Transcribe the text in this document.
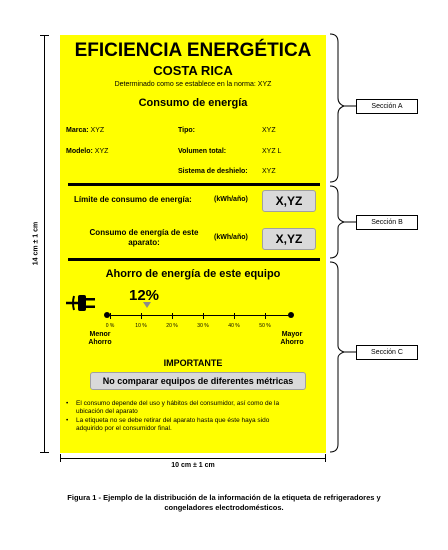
EFICIENCIA ENERGÉTICA
COSTA RICA
Determinado como se establece en la norma: XYZ
Consumo de energía
Marca: XYZ	Tipo:	XYZ
Modelo: XYZ	Volumen total:	XYZ L
Sistema de deshielo: XYZ
Límite de consumo de energía:	(kWh/año)	X,YZ
Consumo de energía de este
aparato:
(kWh/año)	X,YZ
Ahorro de energía de este equipo
12%
0 %	10 %	20 %	30 %	40 %	50 %
Menor
Ahorro
Mayor
Ahorro
IMPORTANTE
No comparar equipos de diferentes métricas
•	El consumo depende del uso y hábitos del consumidor, así como de la
ubicación del aparato
•	La etiqueta no se debe retirar del aparato hasta que éste haya sido
adquirido por el consumidor final.
14 cm ± 1 cm
10 cm ± 1 cm
Sección A
Sección B
Sección C
Figura 1 - Ejemplo de la distribución de la información de la etiqueta de refrigeradores y
congeladores electrodomésticos.
